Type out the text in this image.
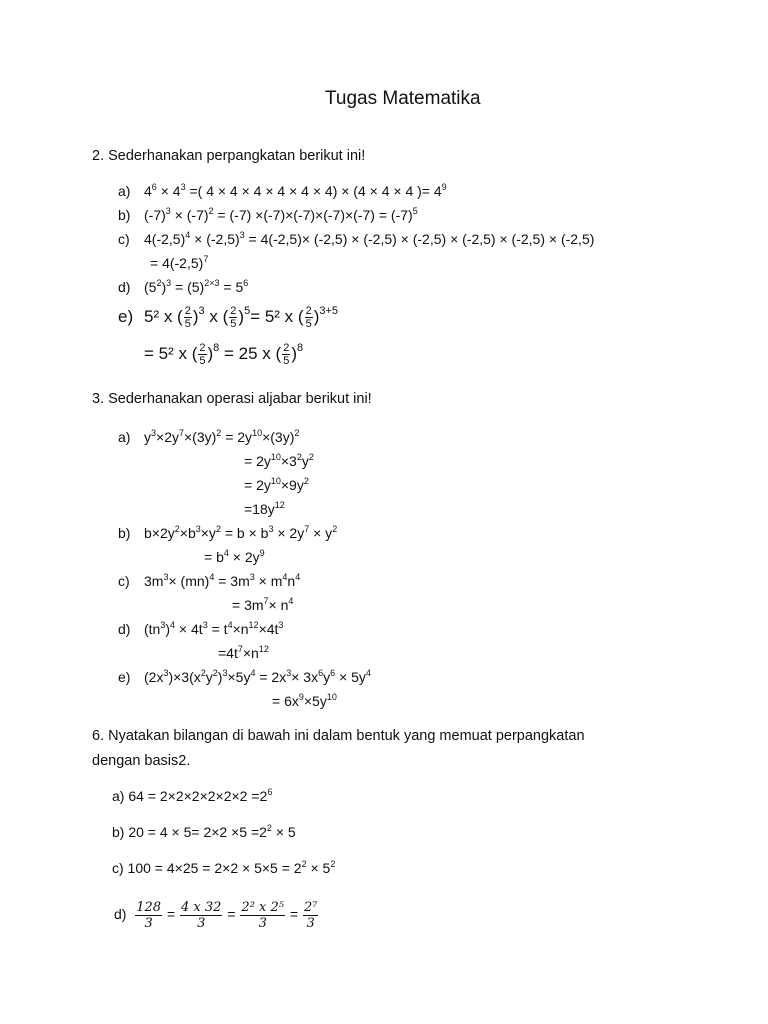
Tugas Matematika
2. Sederhanakan perpangkatan berikut ini!
a) $4^6 \times 4^3$ =( 4 × 4 × 4 × 4 × 4 × 4) × (4 × 4 × 4 )= $4^9$
b) $(-7)^3 \times (-7)^2 = (-7) \times(-7)\times(-7)\times(-7)\times(-7) = (-7)^5$
c) $4(-2,5)^4 \times (-2,5)^3 = 4(-2,5)\times (-2,5) \times (-2,5) \times (-2,5) \times (-2,5) \times (-2,5) \times (-2,5)$
= $4(-2,5)^7$
d) $(5^2)^3 = (5)^{2\times 3} = 5^6$
e) 5² x ( $\frac{2}{5} )^3$ x ( $\frac{2}{5} )^5= 5^2$ x ( $\frac{2}{5} )^{3+5}$
= 5² x ( $\frac{2}{5} )^8 = 25$ x ( $\frac{2}{5} )^8$
3. Sederhanakan operasi aljabar berikut ini!
a) $y^3\times 2y^7\times(3y)^2 = 2y^{10}\times(3y)^2$
= $2y^{10}\times 3^2y^2$
= $2y^{10}\times 9y^2$
$=18y^{12}$
b) $b\times 2y^2\times b^3\times y^2 = b \times b^3 \times 2y^7 \times y^2$
= $b^4 \times 2y^9$
c) $3m^3\times (mn)^4 = 3m^3 \times m^4n^4$
= $3m^7\times n^4$
d) $(tn^3)^4 \times 4t^3 = t^4\times n^{12}\times 4t^3$
$=4t^7\times n^{12}$
e) $(2x^3)\times 3(x^2y^2)^3\times 5y^4 = 2x^3\times 3x^6y^6 \times 5y^4$
= $6x^9\times 5y^{10}$
6. Nyatakan bilangan di bawah ini dalam bentuk yang memuat perpangkatan
dengan basis2.
a) $64 = 2\times 2\times 2\times 2\times 2\times 2 =2^6$
b) $20 = 4 \times 5= 2\times 2 \times 5 =2^2 \times 5$
c) $100 = 4\times 25 = 2\times 2 \times 5\times 5 = 2^2 \times 5^2$
$d) \frac{128}{3} = \frac{\text{4 𝑥 32}}{3} = \frac{\text{2² 𝑥 2⁵}}{3} = \frac{\text{2⁷}}{3}$
